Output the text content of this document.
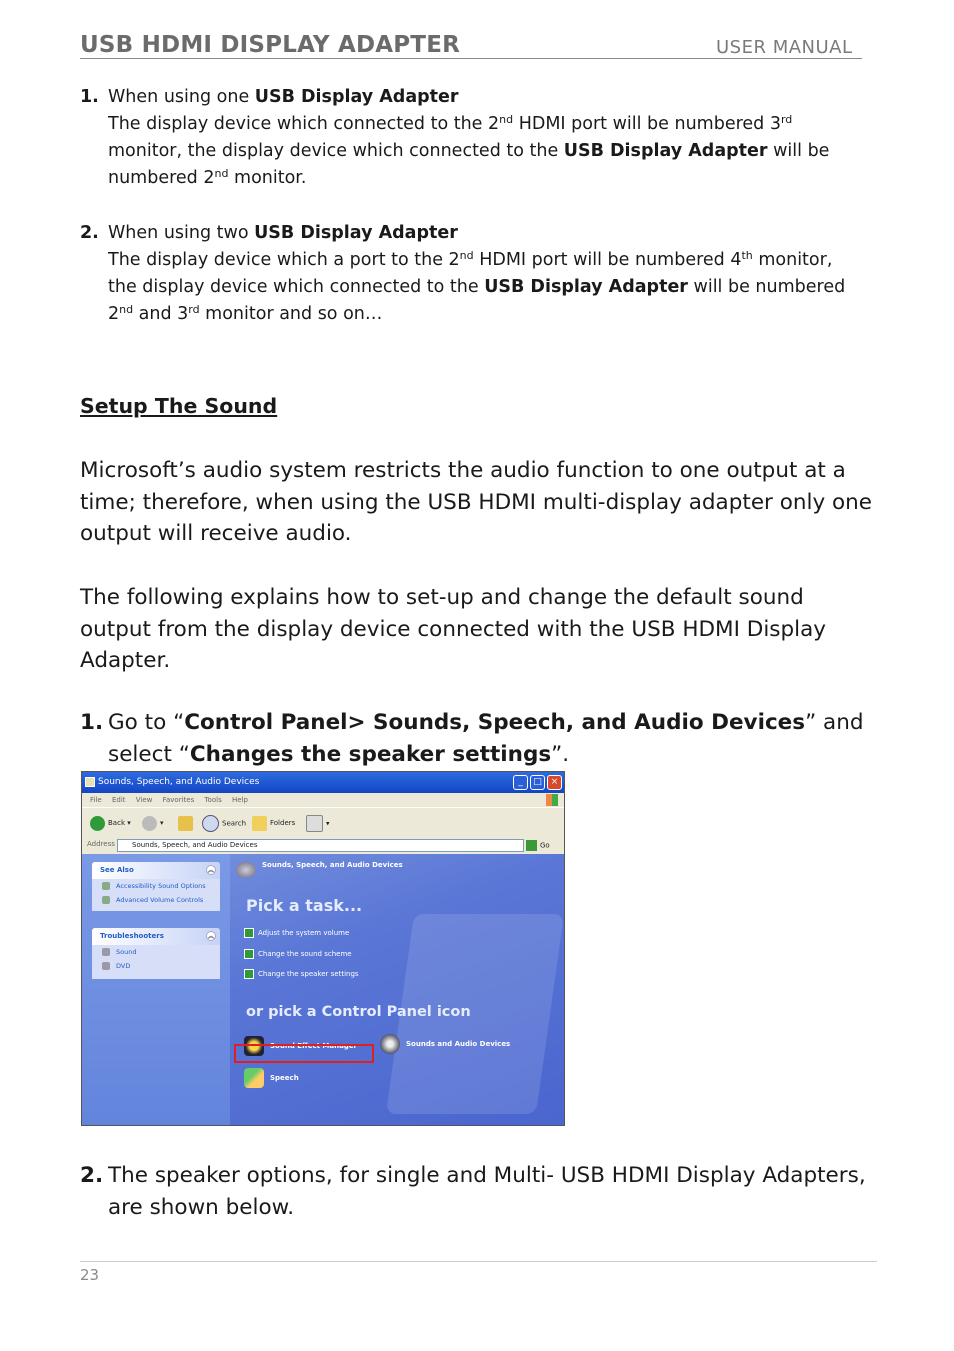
USB HDMI DISPLAY ADAPTER	USER MANUAL
1. When using one USB Display Adapter
The display device which connected to the 2nd HDMI port will be numbered 3rd
monitor, the display device which connected to the USB Display Adapter will be
numbered 2nd monitor.
2. When using two USB Display Adapter
The display device which a port to the 2nd HDMI port will be numbered 4th monitor,
the display device which connected to the USB Display Adapter will be numbered
2nd and 3rd monitor and so on…
Setup The Sound
Microsoft’s audio system restricts the audio function to one output at a
time; therefore, when using the USB HDMI multi-display adapter only one
output will receive audio.
The following explains how to set-up and change the default sound
output from the display device connected with the USB HDMI Display
Adapter.
1. Go to “Control Panel> Sounds, Speech, and Audio Devices” and
select “Changes the speaker settings”.
Sounds, Speech, and Audio Devices	_	□ ×
File Edit View Favorites Tools Help
Back ▾	▾	Search	Folders	▾
Address	Sounds, Speech, and Audio Devices	Go
See Also	︽
Accessibility Sound Options
Advanced Volume Controls
Troubleshooters	︽
Sound
DVD
Sounds, Speech, and Audio Devices
Pick a task...
Adjust the system volume
Change the sound scheme
Change the speaker settings
or pick a Control Panel icon
Sound Effect Manager	Sounds and Audio Devices
Speech
2. The speaker options, for single and Multi- USB HDMI Display Adapters,
are shown below.
23
